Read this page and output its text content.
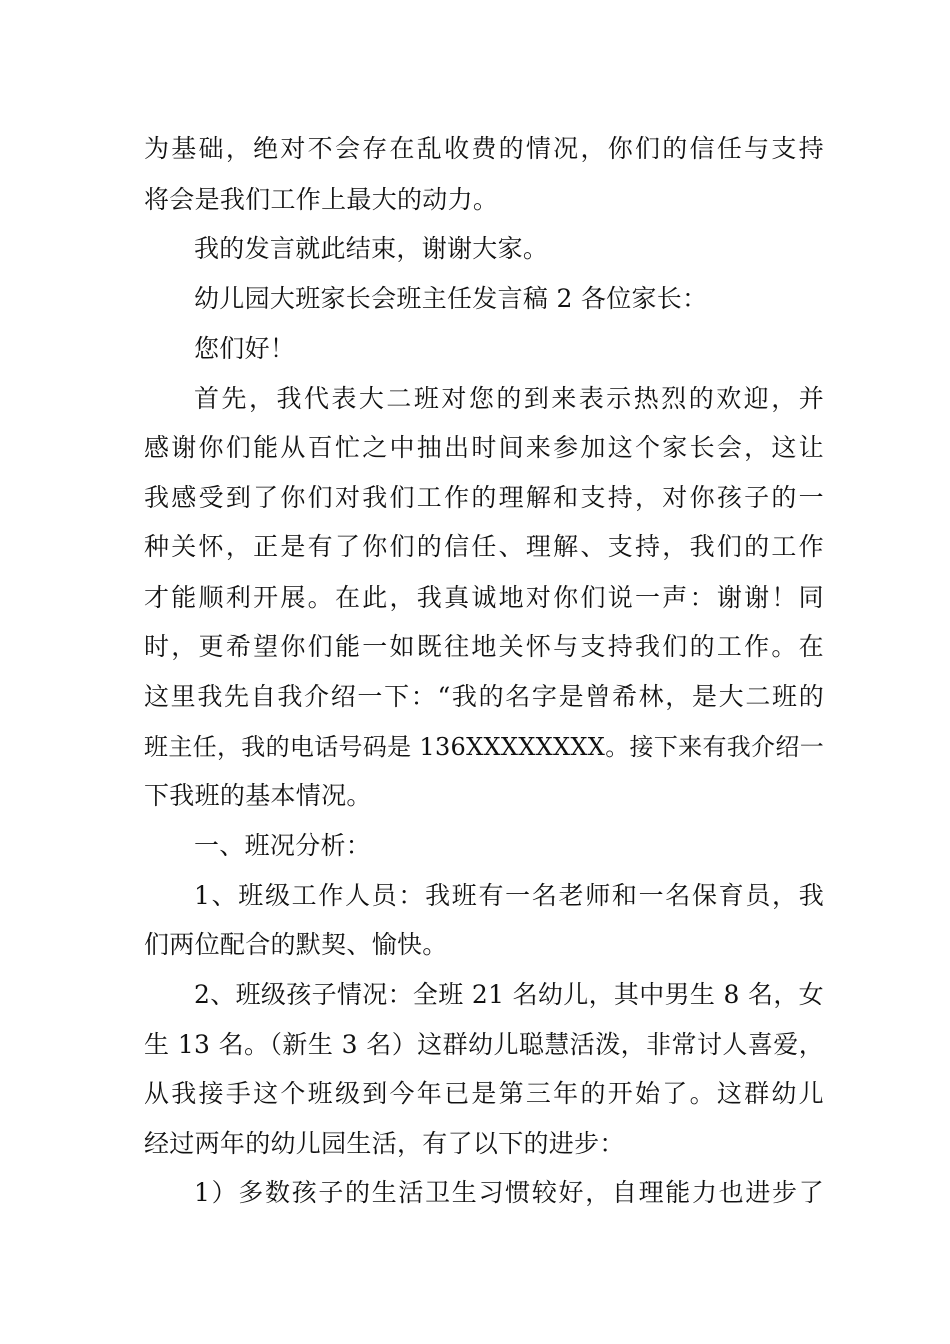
为基础，绝对不会存在乱收费的情况，你们的信任与支持
将会是我们工作上最大的动力。
我的发言就此结束，谢谢大家。
幼儿园大班家长会班主任发言稿 2 各位家长：
您们好！
首先，我代表大二班对您的到来表示热烈的欢迎，并
感谢你们能从百忙之中抽出时间来参加这个家长会，这让
我感受到了你们对我们工作的理解和支持，对你孩子的一
种关怀，正是有了你们的信任、理解、支持，我们的工作
才能顺利开展。在此，我真诚地对你们说一声：谢谢！同
时，更希望你们能一如既往地关怀与支持我们的工作。在
这里我先自我介绍一下：“我的名字是曾希林，是大二班的
班主任，我的电话号码是 136XXXXXXXX。接下来有我介绍一
下我班的基本情况。
一、班况分析：
1、班级工作人员：我班有一名老师和一名保育员，我
们两位配合的默契、愉快。
2、班级孩子情况：全班 21 名幼儿，其中男生 8 名，女
生 13 名。（新生 3 名）这群幼儿聪慧活泼，非常讨人喜爱，
从我接手这个班级到今年已是第三年的开始了。这群幼儿
经过两年的幼儿园生活，有了以下的进步：
1）多数孩子的生活卫生习惯较好，自理能力也进步了
